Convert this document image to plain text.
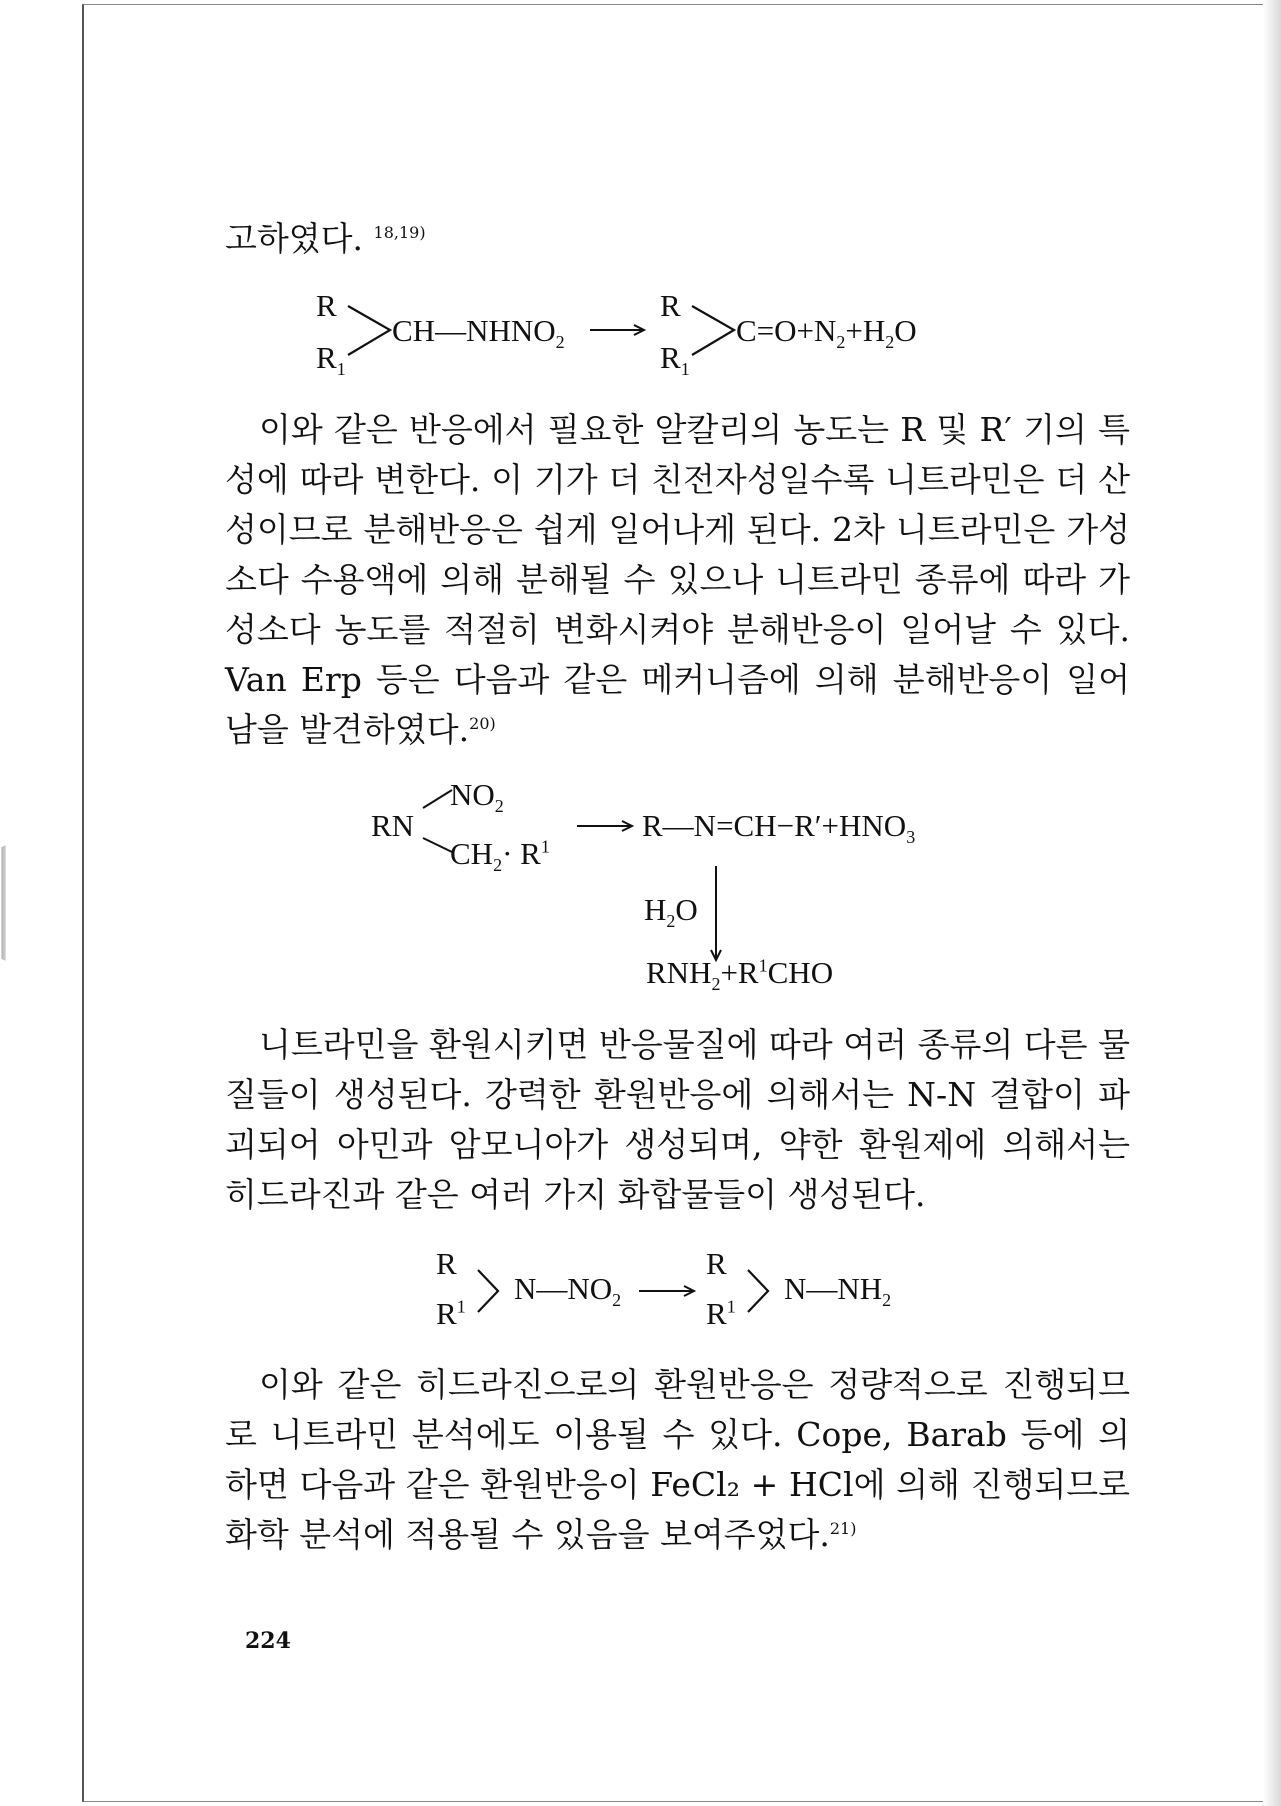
고하였다. $^{18,19)}$
R
$R_1$
$CH—NHNO_2$
R
$R_1$
$C=O+N_2+H_2O$
이와 같은 반응에서 필요한 알칼리의 농도는 R 및 R′ 기의 특성에 따라 변한다. 이 기가 더 친전자성일수록 니트라민은 더 산성이므로 분해반응은 쉽게 일어나게 된다. 2차 니트라민은 가성소다 수용액에 의해 분해될 수 있으나 니트라민 종류에 따라 가성소다 농도를 적절히 변화시켜야 분해반응이 일어날 수 있다. Van Erp 등은 다음과 같은 메커니즘에 의해 분해반응이 일어남을 발견하였다.$^{20)}$
RN
$NO_2$
$CH_2\cdot R^1$
$R—N=CH-R'+HNO_3$
$H_2O$
$RNH_2+R^1CHO$
니트라민을 환원시키면 반응물질에 따라 여러 종류의 다른 물질들이 생성된다. 강력한 환원반응에 의해서는 N-N 결합이 파괴되어 아민과 암모니아가 생성되며, 약한 환원제에 의해서는 히드라진과 같은 여러 가지 화합물들이 생성된다.
R
$R^1$
$N—NO_2$
R
$R^1$
$N—NH_2$
이와 같은 히드라진으로의 환원반응은 정량적으로 진행되므로 니트라민 분석에도 이용될 수 있다. Cope, Barab 등에 의하면 다음과 같은 환원반응이 FeCl₂ + HCl에 의해 진행되므로 화학 분석에 적용될 수 있음을 보여주었다.$^{21)}$
224
